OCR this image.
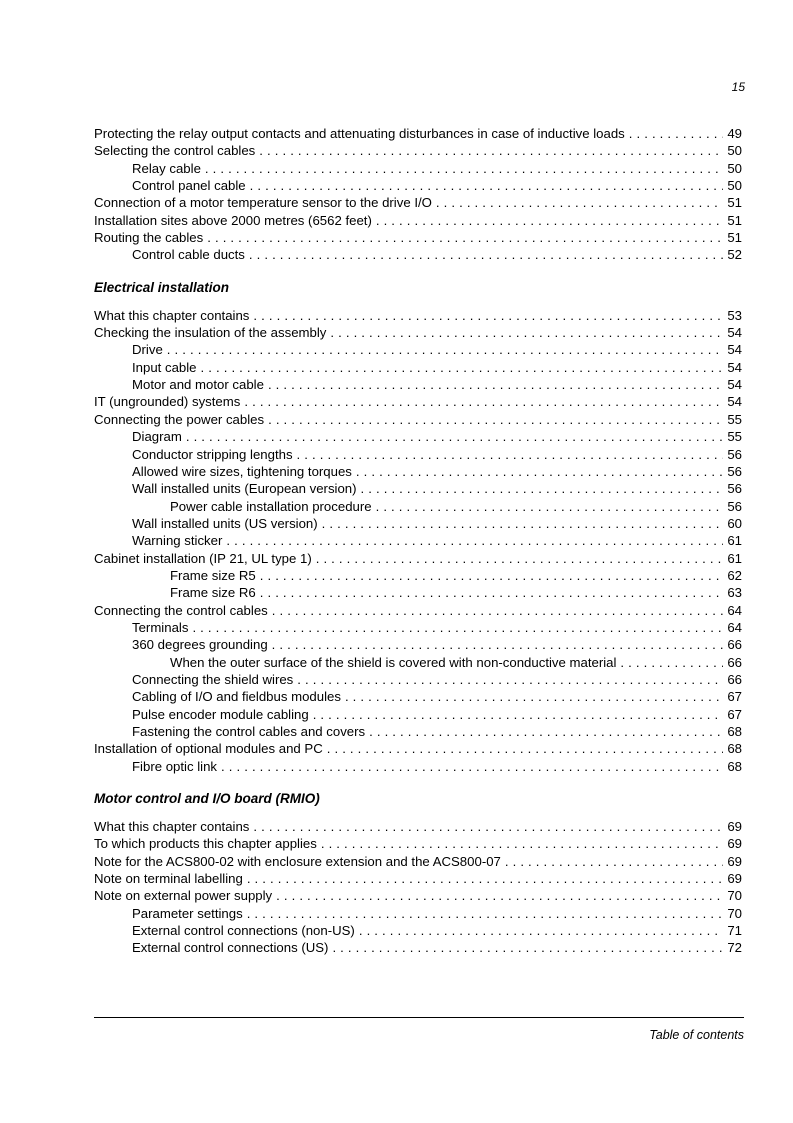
15
Protecting the relay output contacts and attenuating disturbances in case of inductive loads . . .	49
Selecting the control cables . . .	50
Relay cable . . .	50
Control panel cable . . .	50
Connection of a motor temperature sensor to the drive I/O . . .	51
Installation sites above 2000 metres (6562 feet) . . .	51
Routing the cables . . .	51
Control cable ducts . . .	52
Electrical installation
What this chapter contains . . .	53
Checking the insulation of the assembly . . .	54
Drive . . .	54
Input cable . . .	54
Motor and motor cable . . .	54
IT (ungrounded) systems . . .	54
Connecting the power cables . . .	55
Diagram . . .	55
Conductor stripping lengths . . .	56
Allowed wire sizes, tightening torques . . .	56
Wall installed units (European version) . . .	56
Power cable installation procedure . . .	56
Wall installed units (US version) . . .	60
Warning sticker . . .	61
Cabinet installation (IP 21, UL type 1) . . .	61
Frame size R5 . . .	62
Frame size R6 . . .	63
Connecting the control cables . . .	64
Terminals . . .	64
360 degrees grounding . . .	66
When the outer surface of the shield is covered with non-conductive material . . .	66
Connecting the shield wires . . .	66
Cabling of I/O and fieldbus modules . . .	67
Pulse encoder module cabling . . .	67
Fastening the control cables and covers . . .	68
Installation of optional modules and PC . . .	68
Fibre optic link . . .	68
Motor control and I/O board (RMIO)
What this chapter contains . . .	69
To which products this chapter applies . . .	69
Note for the ACS800-02 with enclosure extension and the ACS800-07 . . .	69
Note on terminal labelling . . .	69
Note on external power supply . . .	70
Parameter settings . . .	70
External control connections (non-US) . . .	71
External control connections (US) . . .	72
Table of contents
